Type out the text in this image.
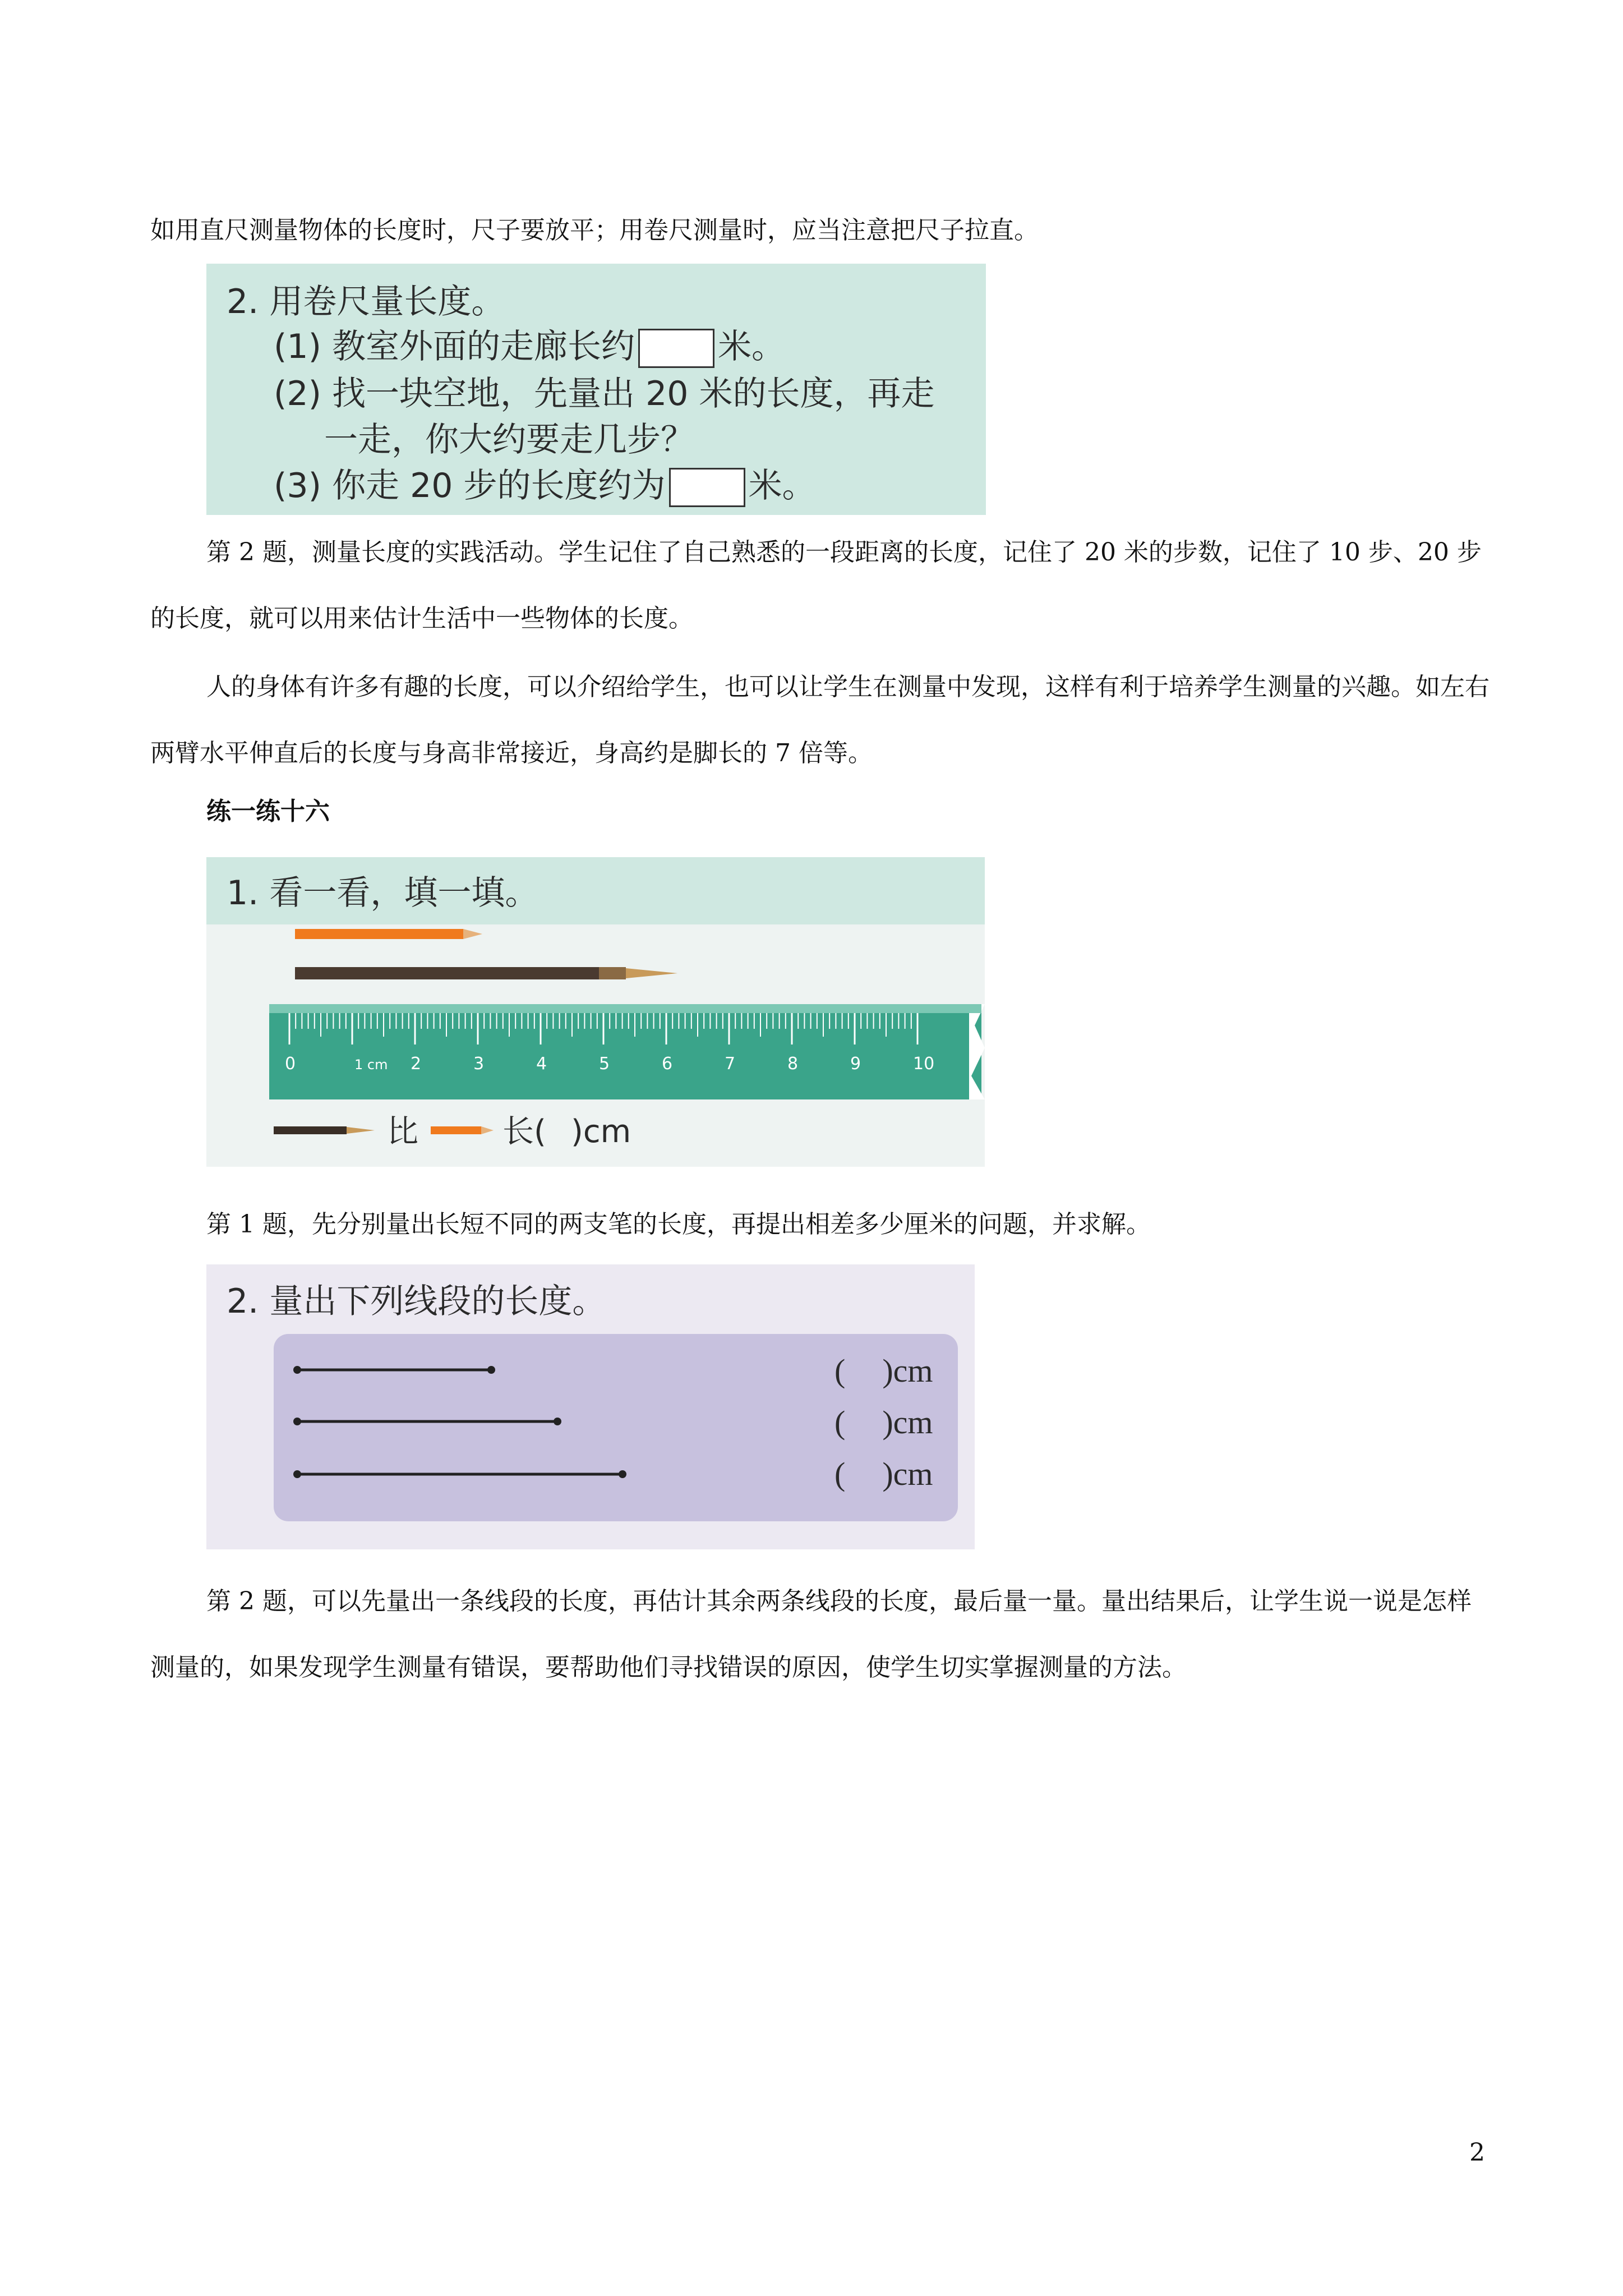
如用直尺测量物体的长度时，尺子要放平；用卷尺测量时，应当注意把尺子拉直。

2. 用卷尺量长度。
(1) 教室外面的走廊长约 米。
(2) 找一块空地，先量出 20 米的长度，再走
一走，你大约要走几步？
(3) 你走 20 步的长度约为 米。

第 2 题，测量长度的实践活动。学生记住了自己熟悉的一段距离的长度，记住了 20 米的步数，记住了 10 步、20 步的长度，就可以用来估计生活中一些物体的长度。

人的身体有许多有趣的长度，可以介绍给学生，也可以让学生在测量中发现，这样有利于培养学生测量的兴趣。如左右两臂水平伸直后的长度与身高非常接近，身高约是脚长的 7 倍等。

练一练十六

1. 看一看，填一填。
0	1 cm 2	3	4	5	6	7	8	9	10
比	长( )cm

第 1 题，先分别量出长短不同的两支笔的长度，再提出相差多少厘米的问题，并求解。

2. 量出下列线段的长度。
( )cm
( )cm
( )cm

第 2 题，可以先量出一条线段的长度，再估计其余两条线段的长度，最后量一量。量出结果后，让学生说一说是怎样测量的，如果发现学生测量有错误，要帮助他们寻找错误的原因，使学生切实掌握测量的方法。

2
